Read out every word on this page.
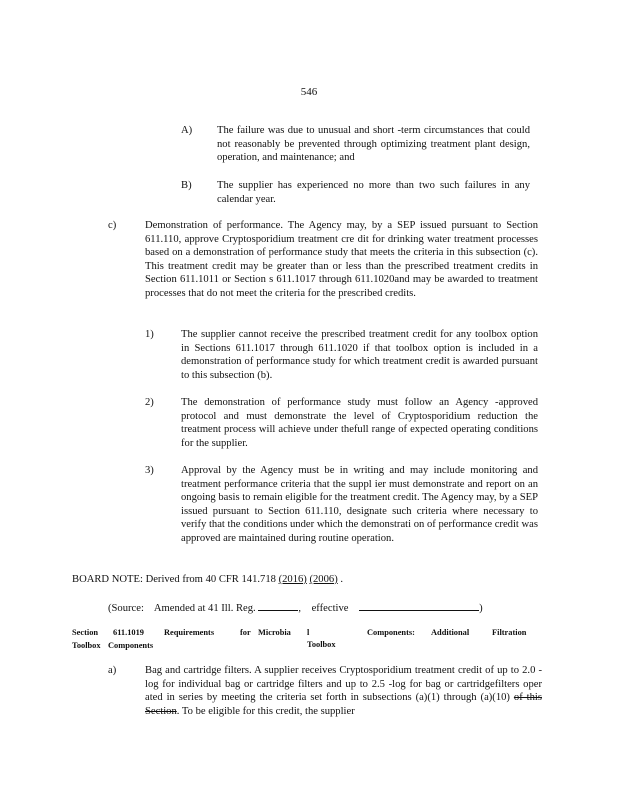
546
A) The failure was due to unusual and short -term circumstances that could not reasonably be prevented through optimizing treatment plant design, operation, and maintenance; and

B) The supplier has experienced no more than two such failures in any calendar year.

c)	Demonstration of performance. The Agency may, by a SEP issued pursuant to Section 611.110, approve Cryptosporidium treatment cre dit for drinking water treatment processes based on a demonstration of performance study that meets the criteria in this subsection (c). This treatment credit may be greater than or less than the prescribed treatment credits in Section 611.1011 or Section s 611.1017 through 611.1020and may be awarded to treatment processes that do not meet the criteria for the prescribed credits.

1)	The supplier cannot receive the prescribed treatment credit for any toolbox option in Sections 611.1017 through 611.1020 if that toolbox option is included in a demonstration of performance study for which treatment credit is awarded pursuant to this subsection (b).

2)	The demonstration of performance study must follow an Agency -approved protocol and must demonstrate the level of Cryptosporidium reduction the treatment process will achieve under thefull range of expected operating conditions for the supplier.

3)	Approval by the Agency must be in writing and may include monitoring and treatment performance criteria that the suppl ier must demonstrate and report on an ongoing basis to remain eligible for the treatment credit. The Agency may, by a SEP issued pursuant to Section 611.110, designate such criteria where necessary to verify that the conditions under which the demonstrati on of performance credit was approved are maintained during routine operation.

BOARD NOTE: Derived from 40 CFR 141.718 (2016) (2006) .
(Source: Amended at 41 Ill. Reg.	, effective	)
Section 611.1019 Requirements	for Microbia l Toolbox
Components: Additional	Filtration
Toolbox Components
a)	Bag and cartridge filters. A supplier receives Cryptosporidium treatment credit of up to 2.0 -log for individual bag or cartridge filters and up to 2.5 -log for bag or cartridgefilters oper ated in series by meeting the criteria set forth in subsections (a)(1) through (a)(10) of this Section. To be eligible for this credit, the supplier
